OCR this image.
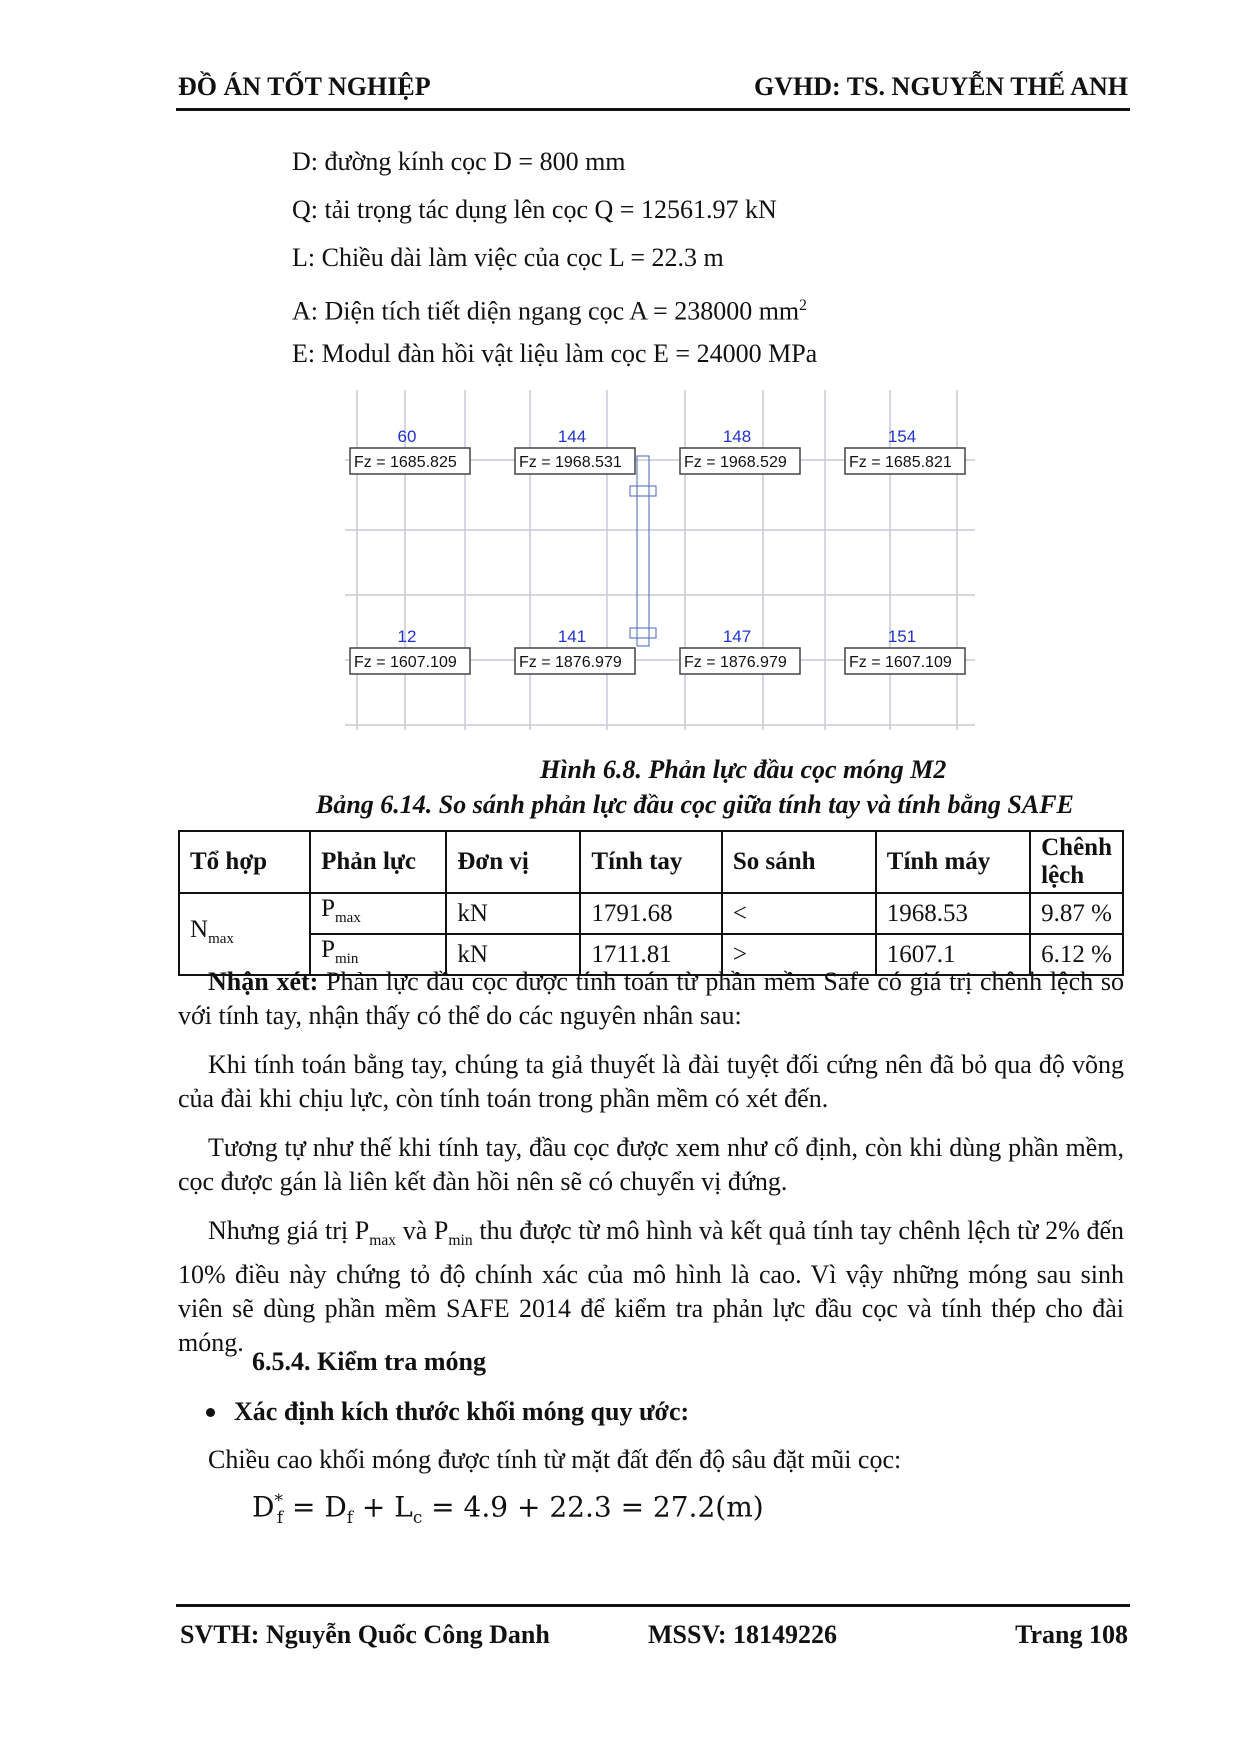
ĐỒ ÁN TỐT NGHIỆP	GVHD: TS. NGUYỄN THẾ ANH
D: đường kính cọc D = 800 mm
Q: tải trọng tác dụng lên cọc Q = 12561.97 kN
L: Chiều dài làm việc của cọc L = 22.3 m
A: Diện tích tiết diện ngang cọc A = 238000 $mm^2$
E: Modul đàn hồi vật liệu làm cọc E = 24000 MPa
60
Fz = 1685.825
144
Fz = 1968.531
148
Fz = 1968.529
154
Fz = 1685.821
12
Fz = 1607.109
141
Fz = 1876.979
147
Fz = 1876.979
151
Fz = 1607.109
Hình 6.8. Phản lực đầu cọc móng M2
Bảng 6.14. So sánh phản lực đầu cọc giữa tính tay và tính bằng SAFE
Tổ hợp	Phản lực	Đơn vị	Tính tay	So sánh	Tính máy	Chênh lệch
$N_{max}$	$P_{max}$	kN	1791.68	<	1968.53	9.87 %
	$P_{min}$	kN	1711.81	>	1607.1	6.12 %
Nhận xét: Phản lực đầu cọc được tính toán từ phần mềm Safe có giá trị chênh lệch so với tính tay, nhận thấy có thể do các nguyên nhân sau:
Khi tính toán bằng tay, chúng ta giả thuyết là đài tuyệt đối cứng nên đã bỏ qua độ võng của đài khi chịu lực, còn tính toán trong phần mềm có xét đến.
Tương tự như thế khi tính tay, đầu cọc được xem như cố định, còn khi dùng phần mềm, cọc được gán là liên kết đàn hồi nên sẽ có chuyển vị đứng.
Nhưng giá trị $P_{max}$ và $P_{min}$ thu được từ mô hình và kết quả tính tay chênh lệch từ 2% đến 10% điều này chứng tỏ độ chính xác của mô hình là cao. Vì vậy những móng sau sinh viên sẽ dùng phần mềm SAFE 2014 để kiểm tra phản lực đầu cọc và tính thép cho đài móng.
6.5.4. Kiểm tra móng
Xác định kích thước khối móng quy ước:
Chiều cao khối móng được tính từ mặt đất đến độ sâu đặt mũi cọc:
$D^*_f = D_f + L_c = 4.9 + 22.3 = 27.2(m)$
SVTH: Nguyễn Quốc Công Danh	MSSV: 18149226	Trang 108
